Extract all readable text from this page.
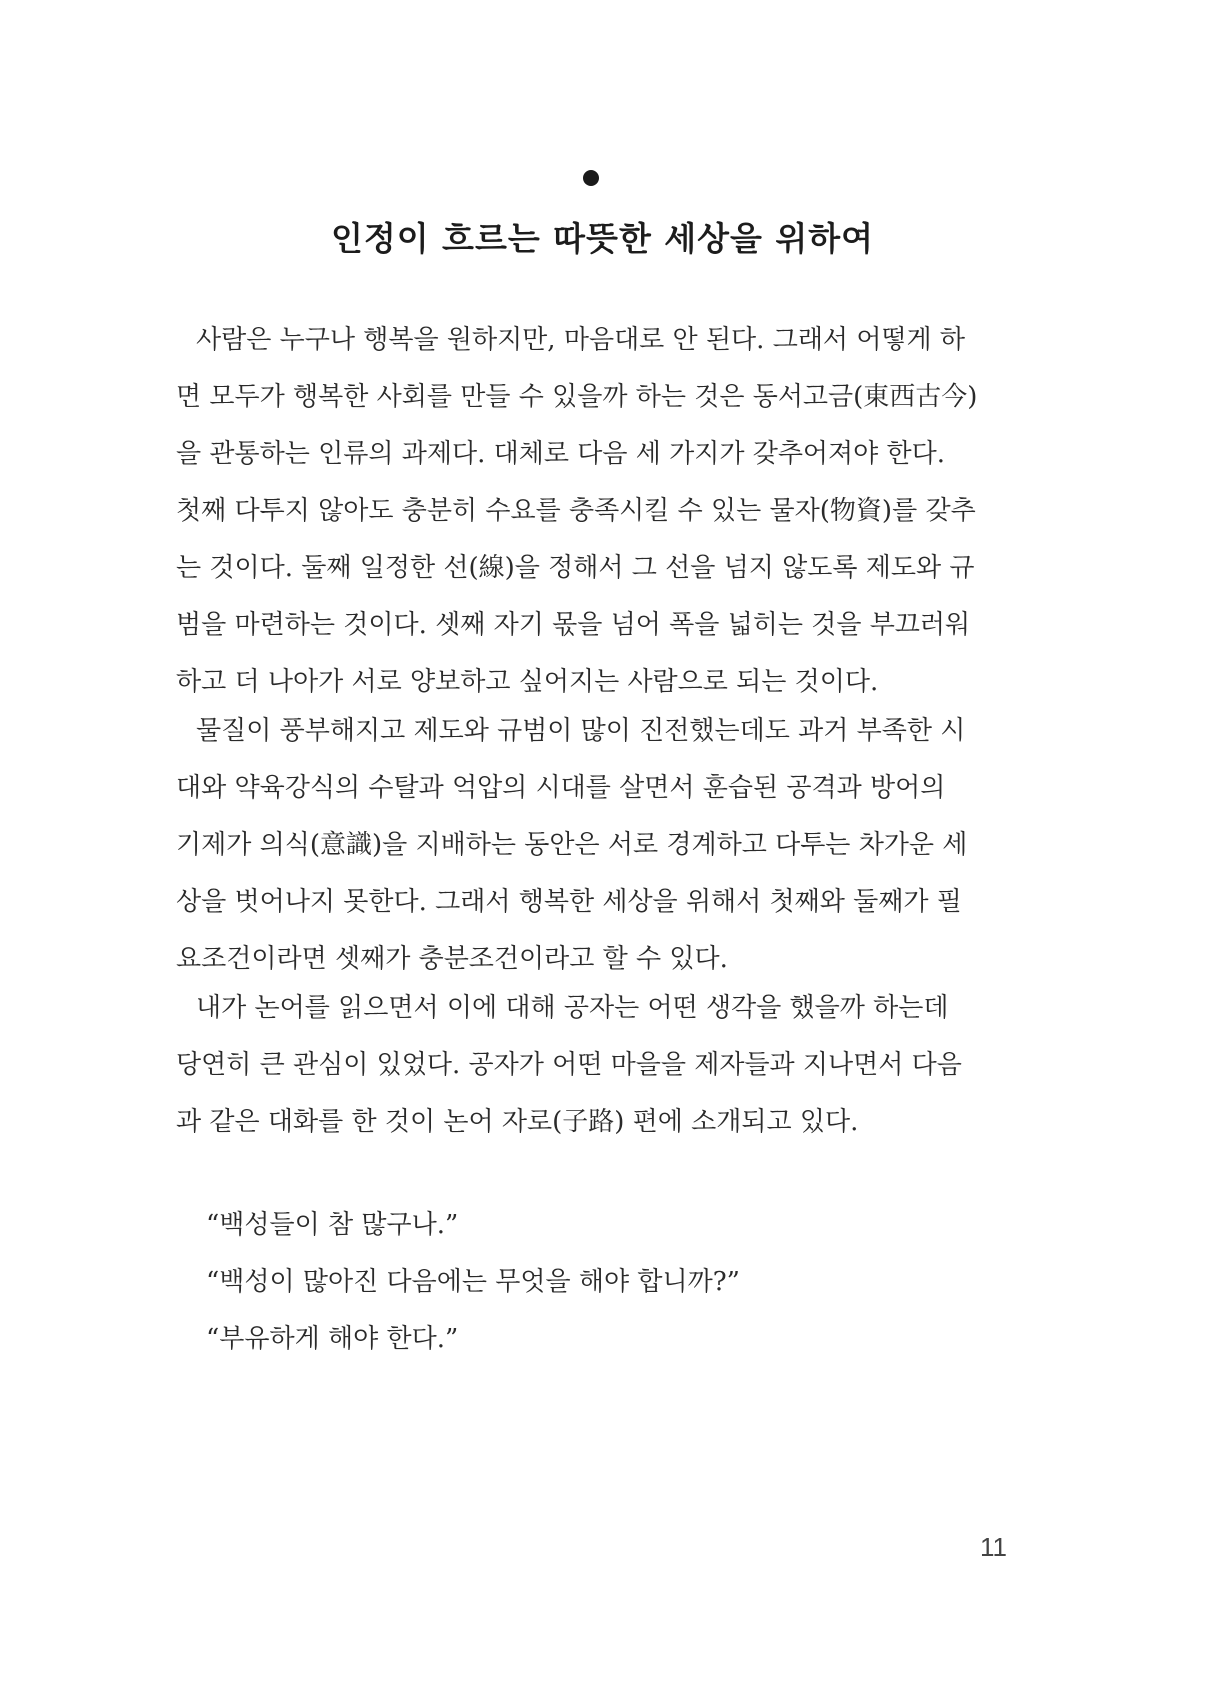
인정이 흐르는 따뜻한 세상을 위하여
사람은 누구나 행복을 원하지만, 마음대로 안 된다. 그래서 어떻게 하
면 모두가 행복한 사회를 만들 수 있을까 하는 것은 동서고금(東西古今)
을 관통하는 인류의 과제다. 대체로 다음 세 가지가 갖추어져야 한다.
첫째 다투지 않아도 충분히 수요를 충족시킬 수 있는 물자(物資)를 갖추
는 것이다. 둘째 일정한 선(線)을 정해서 그 선을 넘지 않도록 제도와 규
범을 마련하는 것이다. 셋째 자기 몫을 넘어 폭을 넓히는 것을 부끄러워
하고 더 나아가 서로 양보하고 싶어지는 사람으로 되는 것이다.
물질이 풍부해지고 제도와 규범이 많이 진전했는데도 과거 부족한 시
대와 약육강식의 수탈과 억압의 시대를 살면서 훈습된 공격과 방어의
기제가 의식(意識)을 지배하는 동안은 서로 경계하고 다투는 차가운 세
상을 벗어나지 못한다. 그래서 행복한 세상을 위해서 첫째와 둘째가 필
요조건이라면 셋째가 충분조건이라고 할 수 있다.
내가 논어를 읽으면서 이에 대해 공자는 어떤 생각을 했을까 하는데
당연히 큰 관심이 있었다. 공자가 어떤 마을을 제자들과 지나면서 다음
과 같은 대화를 한 것이 논어 자로(子路) 편에 소개되고 있다.
“백성들이 참 많구나.”
“백성이 많아진 다음에는 무엇을 해야 합니까?”
“부유하게 해야 한다.”
11
